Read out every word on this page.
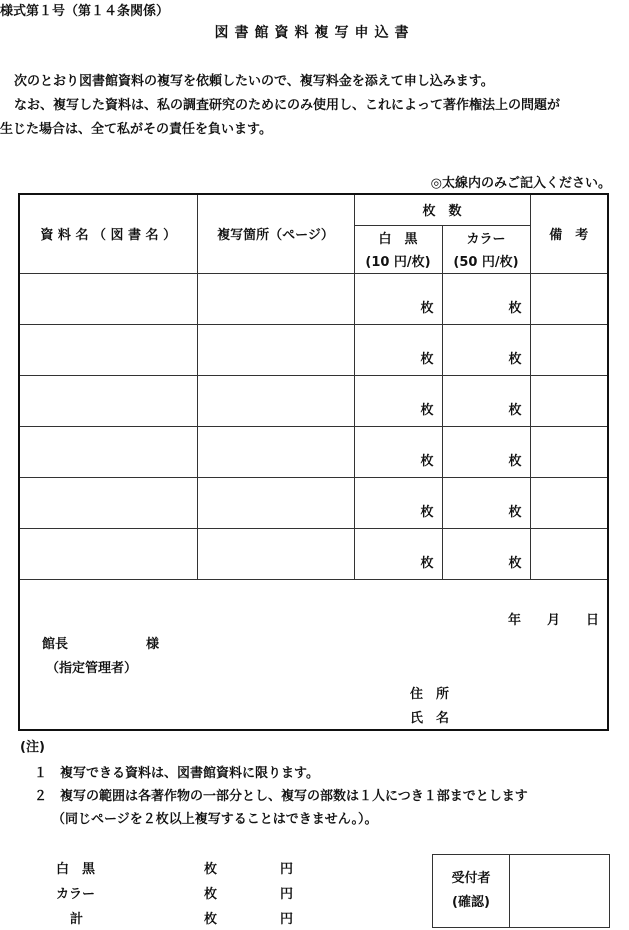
様式第１号（第１４条関係）
図書館資料複写申込書
次のとおり図書館資料の複写を依頼したいので、複写料金を添えて申し込みます。
なお、複写した資料は、私の調査研究のためにのみ使用し、これによって著作権法上の問題が
生じた場合は、全て私がその責任を負います。
◎太線内のみご記入ください。
資 料 名 （ 図 書 名 ）	複写箇所（ページ）	枚　数		備　考
		白　黒	カラー	
		(10 円/枚)	(50 円/枚)	
		枚	枚	
		枚	枚	
		枚	枚	
		枚	枚	
		枚	枚	
		枚	枚	
年　　月　　日
館長　　　　　　様
（指定管理者）
住　所
氏　名
(注)
１　複写できる資料は、図書館資料に限ります。
２　複写の範囲は各著作物の一部分とし、複写の部数は１人につき１部までとします
（同じページを２枚以上複写することはできません。）。
白　黒	枚	円
カラー	枚	円
計	枚	円
受付者
(確認)
